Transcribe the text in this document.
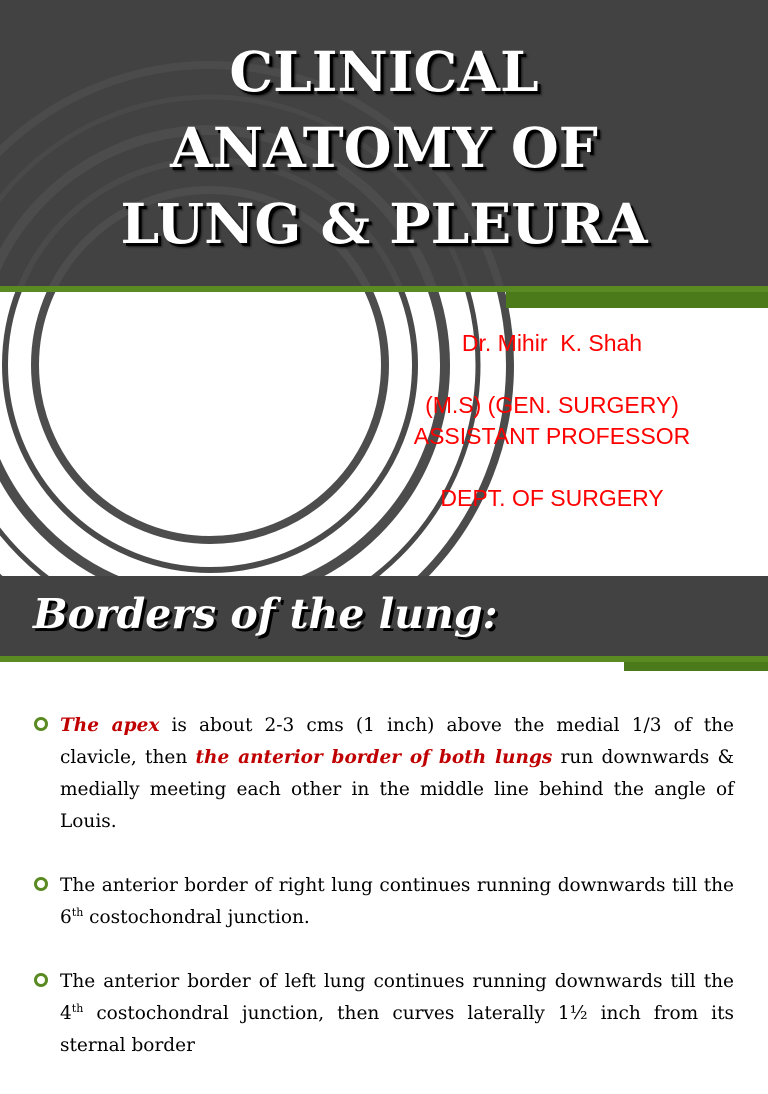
CLINICAL
ANATOMY OF
LUNG & PLEURA
Dr. Mihir  K. Shah
(M.S) (GEN. SURGERY)
ASSISTANT PROFESSOR
DEPT. OF SURGERY
Borders of the lung:
The apex is about 2-3 cms (1 inch) above the medial 1/3 of the clavicle, then the anterior border of both lungs run downwards & medially meeting each other in the middle line behind the angle of Louis.
The anterior border of right lung continues running downwards till the 6th costochondral junction.
The anterior border of left lung continues running downwards till the 4th costochondral junction, then curves laterally 1½ inch from its sternal border
